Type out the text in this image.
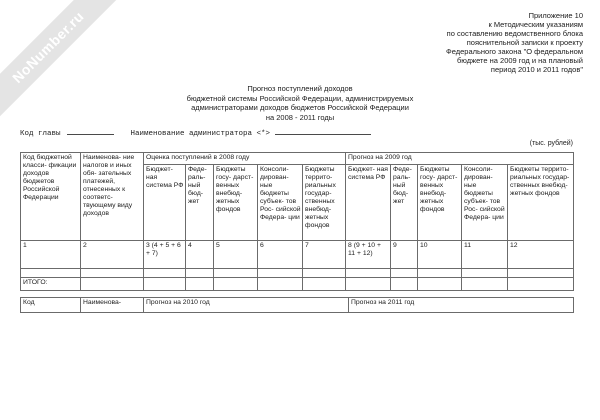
NoNumber.ru	Приложение 10
к Методическим указаниям
по составлению ведомственного блока
пояснительной записки к проекту
Федерального закона "О федеральном
бюджете на 2009 год и на плановый
период 2010 и 2011 годов"
Прогноз поступлений доходов
бюджетной системы Российской Федерации, администрируемых
администраторами доходов бюджетов Российской Федерации
на 2008 - 2011 годы
Код главы	Наименование администратора <*>
(тыс. рублей)
Код бюджетной класси- фикации доходов бюджетов Российской Федерации	Наименова- ние налогов и иных обя- зательных платежей, отнесенных к соответс- твующему виду доходов	Оценка поступлений в 2008 году					Прогноз на 2009 год				
		Бюджет- ная система РФ	Феде- раль- ный бюд- жет	Бюджеты госу- дарст- венных внебюд- жетных фондов	Консоли- дирован- ные бюджеты субъек- тов Рос- сийской Федера- ции	Бюджеты террито- риальных государ- ственных внебюд- жетных фондов	Бюджет- ная система РФ	Феде- раль- ный бюд- жет	Бюджеты госу- дарст- венных внебюд- жетных фондов	Консоли- дирован- ные бюджеты субъек- тов Рос- сийской Федера- ции	Бюджеты террито- риальных государ- ственных внебюд- жетных фондов
1	2	3 (4 + 5 + 6 + 7)	4	5	6	7	8 (9 + 10 + 11 + 12)	9	10	11	12

ИТОГО:											
Код	Наименова-	Прогноз на 2010 год	Прогноз на 2011 год
